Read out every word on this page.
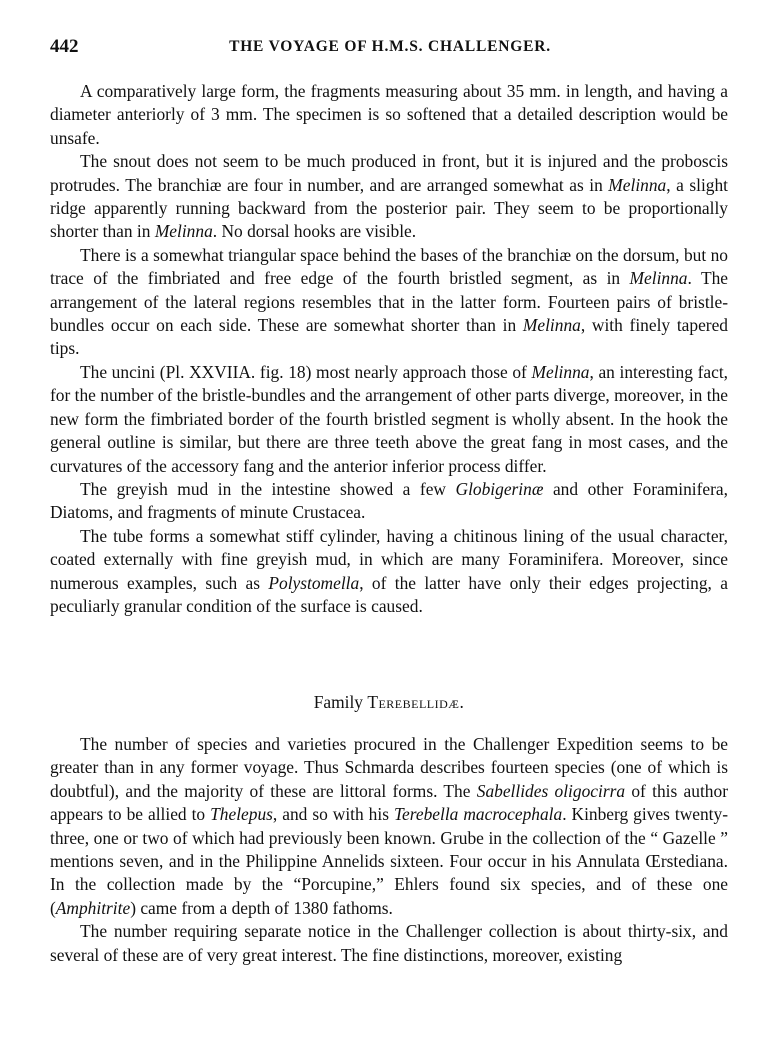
442	THE VOYAGE OF H.M.S. CHALLENGER.

A comparatively large form, the fragments measuring about 35 mm. in length, and having a diameter anteriorly of 3 mm. The specimen is so softened that a detailed description would be unsafe.

The snout does not seem to be much produced in front, but it is injured and the proboscis protrudes. The branchiæ are four in number, and are arranged somewhat as in Melinna, a slight ridge apparently running backward from the posterior pair. They seem to be proportionally shorter than in Melinna. No dorsal hooks are visible.

There is a somewhat triangular space behind the bases of the branchiæ on the dorsum, but no trace of the fimbriated and free edge of the fourth bristled segment, as in Melinna. The arrangement of the lateral regions resembles that in the latter form. Fourteen pairs of bristle-bundles occur on each side. These are somewhat shorter than in Melinna, with finely tapered tips.

The uncini (Pl. XXVIIA. fig. 18) most nearly approach those of Melinna, an interesting fact, for the number of the bristle-bundles and the arrangement of other parts diverge, moreover, in the new form the fimbriated border of the fourth bristled segment is wholly absent. In the hook the general outline is similar, but there are three teeth above the great fang in most cases, and the curvatures of the accessory fang and the anterior inferior process differ.

The greyish mud in the intestine showed a few Globigerinæ and other Foraminifera, Diatoms, and fragments of minute Crustacea.

The tube forms a somewhat stiff cylinder, having a chitinous lining of the usual character, coated externally with fine greyish mud, in which are many Foraminifera. Moreover, since numerous examples, such as Polystomella, of the latter have only their edges projecting, a peculiarly granular condition of the surface is caused.

Family Terebellidæ.

The number of species and varieties procured in the Challenger Expedition seems to be greater than in any former voyage. Thus Schmarda describes fourteen species (one of which is doubtful), and the majority of these are littoral forms. The Sabellides oligocirra of this author appears to be allied to Thelepus, and so with his Terebella macrocephala. Kinberg gives twenty-three, one or two of which had previously been known. Grube in the collection of the “ Gazelle ” mentions seven, and in the Philippine Annelids sixteen. Four occur in his Annulata Œrstediana. In the collection made by the “Porcupine,” Ehlers found six species, and of these one (Amphitrite) came from a depth of 1380 fathoms.

The number requiring separate notice in the Challenger collection is about thirty-six, and several of these are of very great interest. The fine distinctions, moreover, existing
